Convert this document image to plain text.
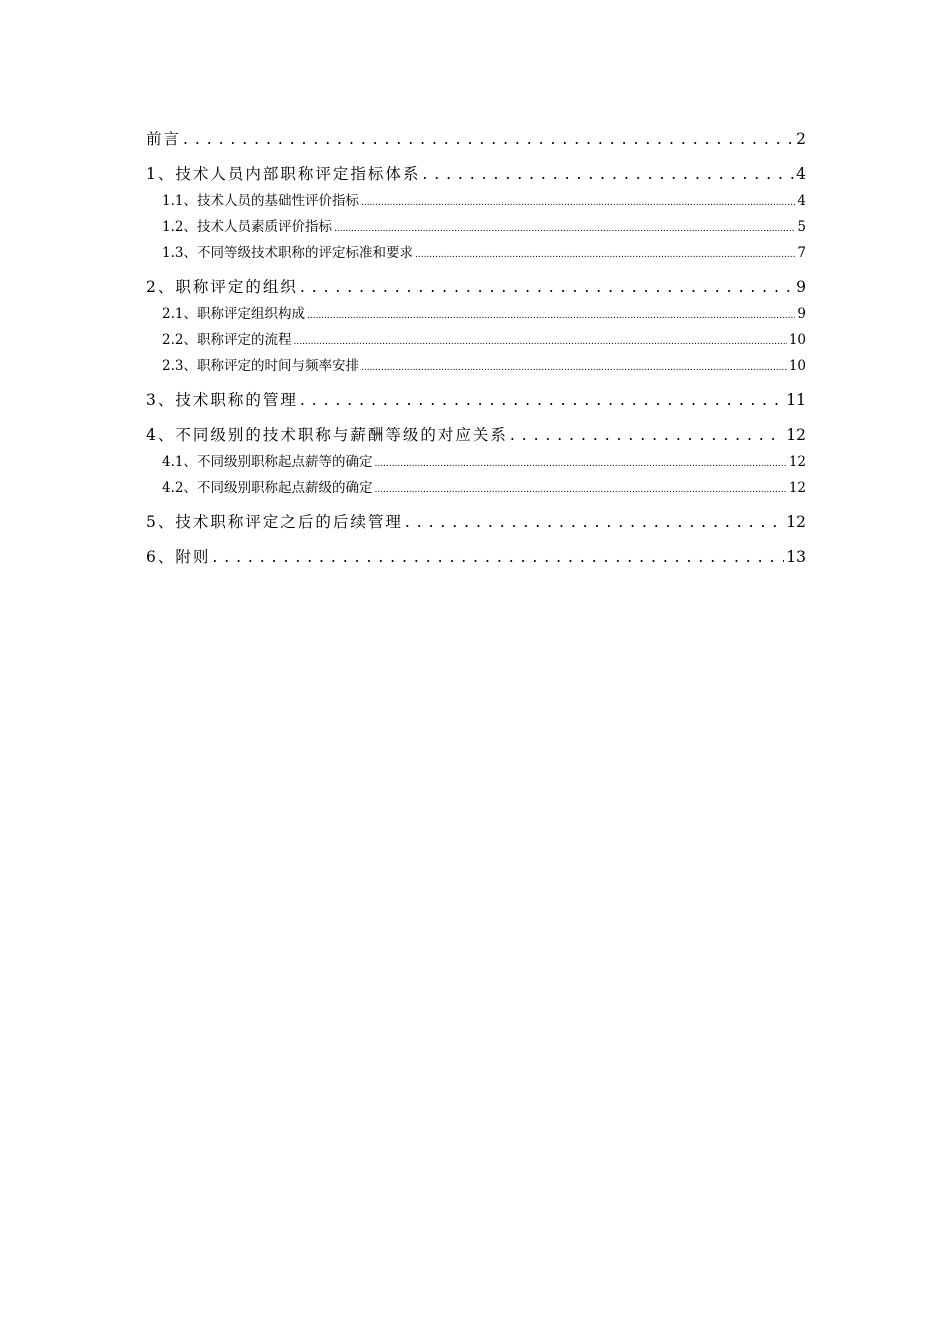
前言 . . .	2
1、技术人员内部职称评定指标体系 . . .	4
1.1、技术人员的基础性评价指标 .....	4
1.2、技术人员素质评价指标 .....	5
1.3、不同等级技术职称的评定标准和要求 .....	7
2、职称评定的组织 . . .	9
2.1、职称评定组织构成 .....	9
2.2、职称评定的流程 .....	10
2.3、职称评定的时间与频率安排 .....	10
3、技术职称的管理 . . .	11
4、不同级别的技术职称与薪酬等级的对应关系 . . .	12
4.1、不同级别职称起点薪等的确定 .....	12
4.2、不同级别职称起点薪级的确定 .....	12
5、技术职称评定之后的后续管理 . . .	12
6、附则 . . .	13
